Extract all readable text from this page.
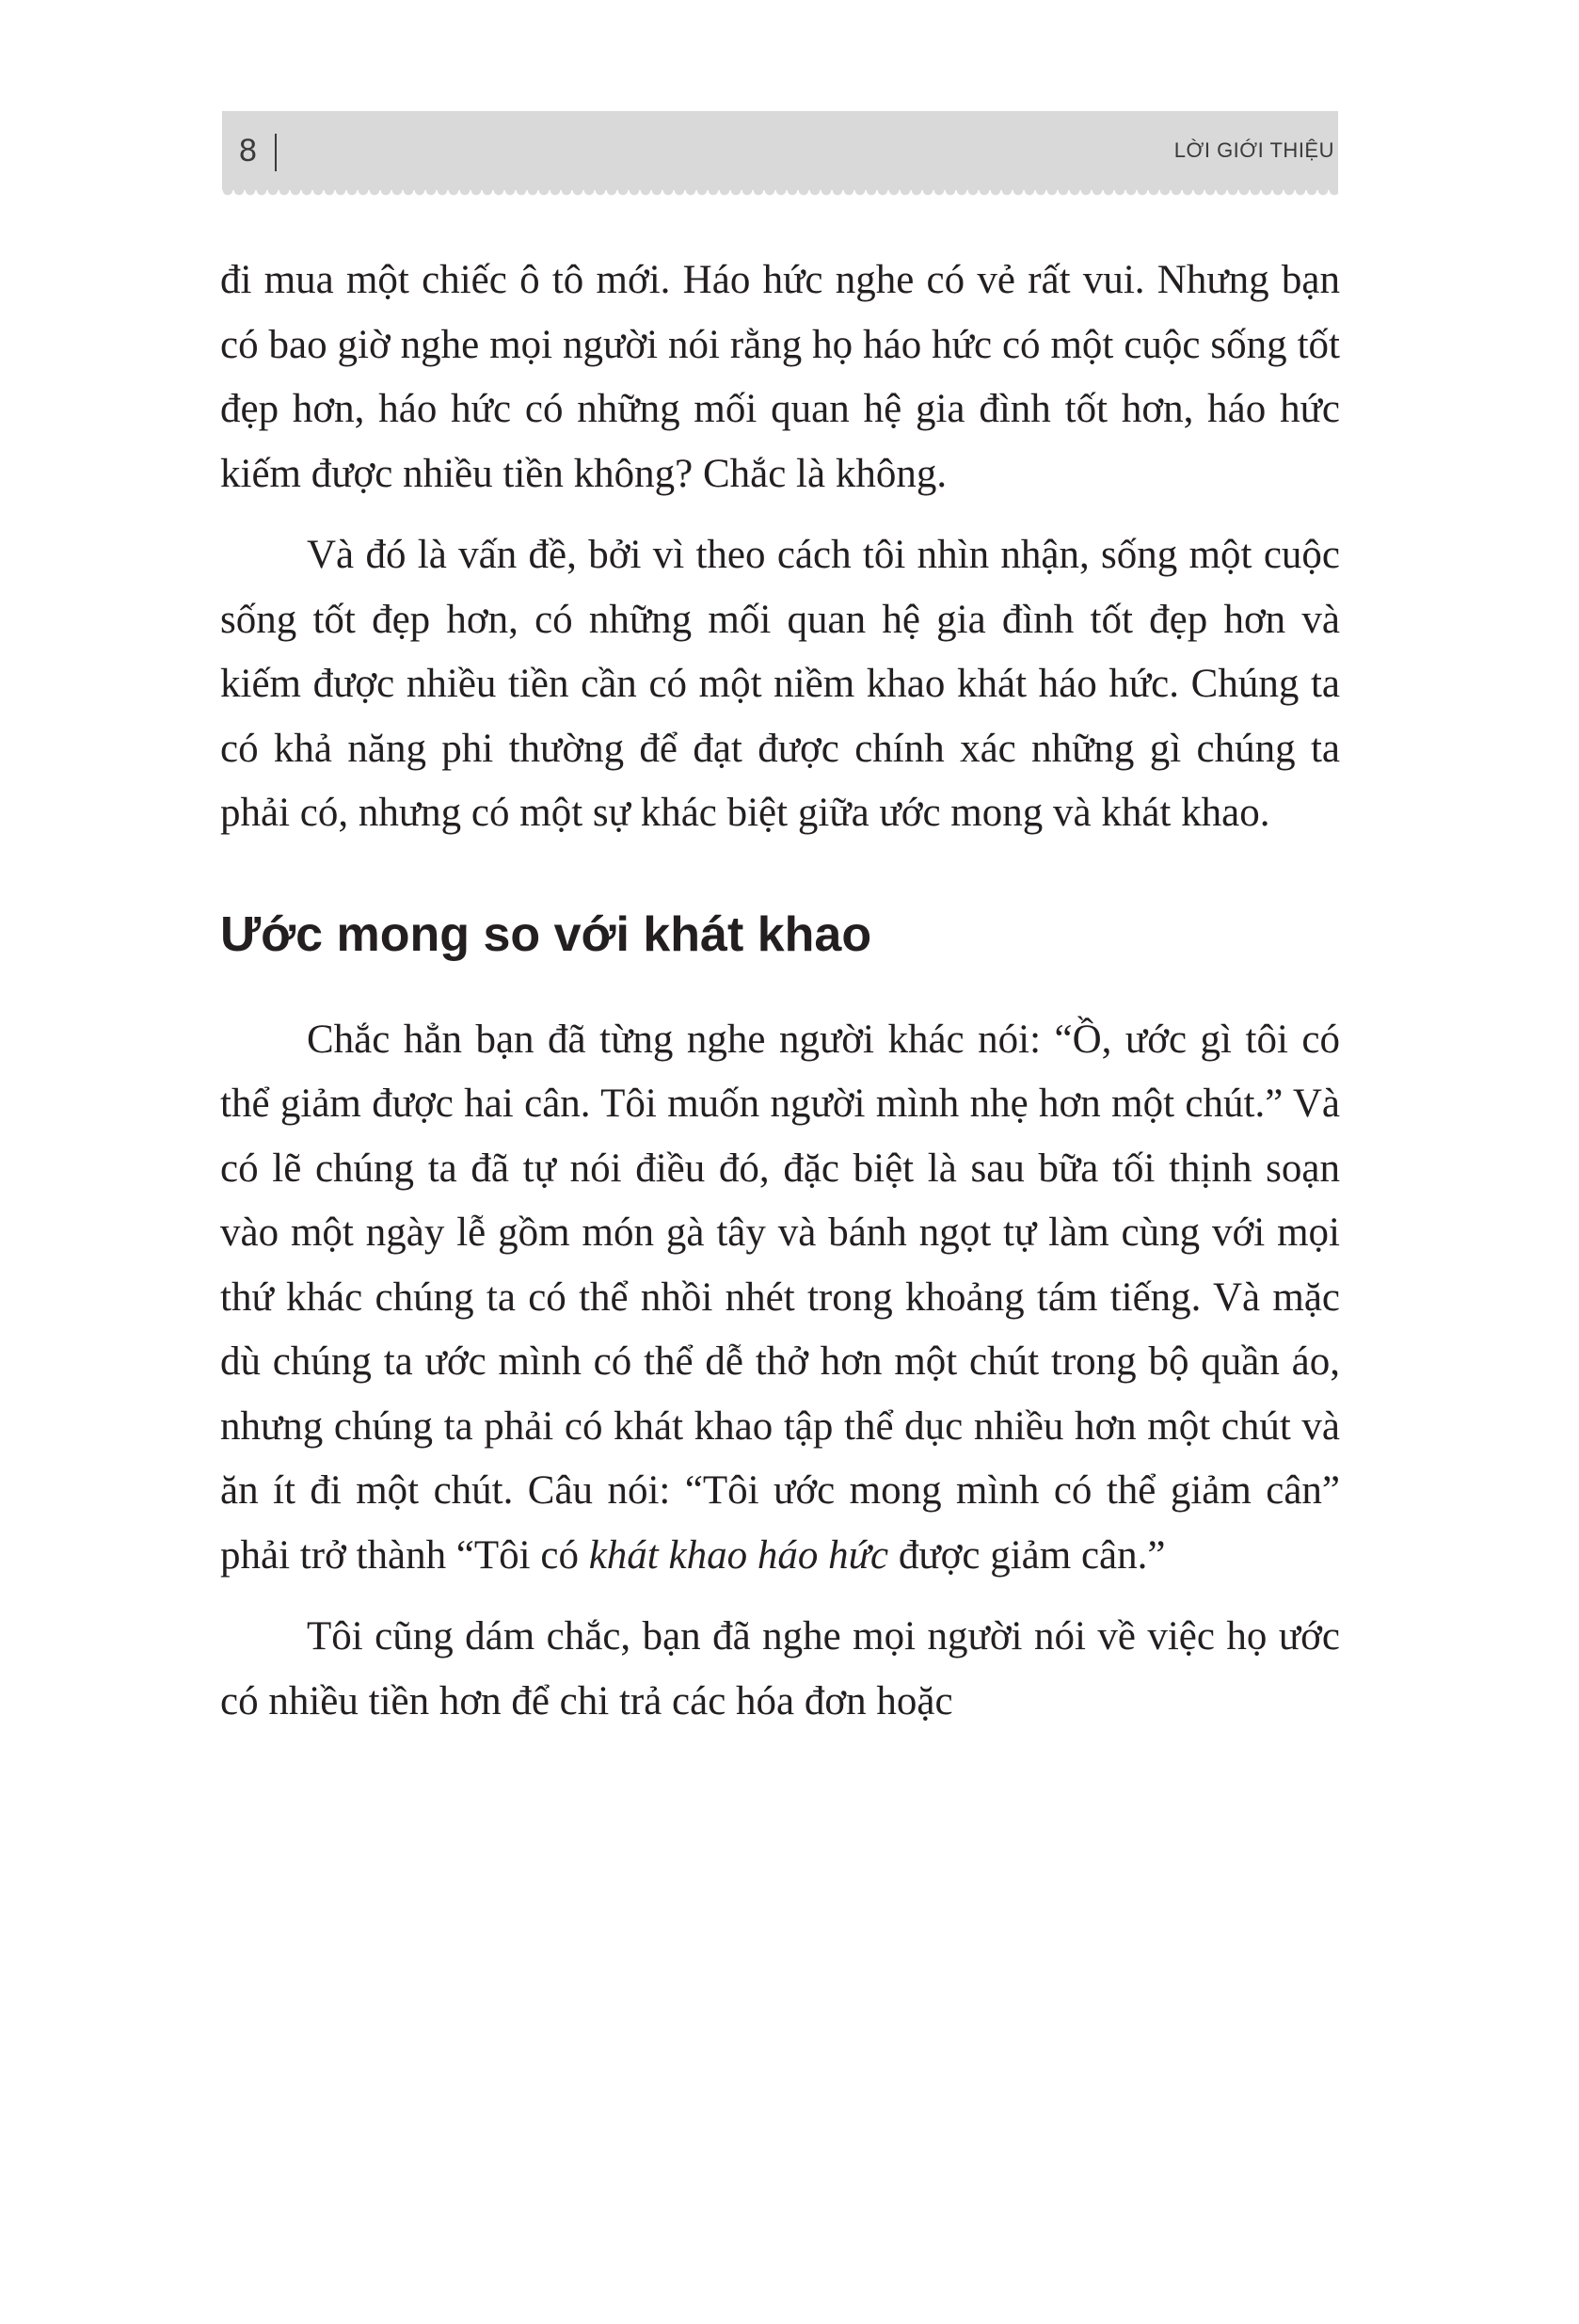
8	LỜI GIỚI THIỆU

đi mua một chiếc ô tô mới. Háo hức nghe có vẻ rất vui. Nhưng bạn có bao giờ nghe mọi người nói rằng họ háo hức có một cuộc sống tốt đẹp hơn, háo hức có những mối quan hệ gia đình tốt hơn, háo hức kiếm được nhiều tiền không? Chắc là không.

Và đó là vấn đề, bởi vì theo cách tôi nhìn nhận, sống một cuộc sống tốt đẹp hơn, có những mối quan hệ gia đình tốt đẹp hơn và kiếm được nhiều tiền cần có một niềm khao khát háo hức. Chúng ta có khả năng phi thường để đạt được chính xác những gì chúng ta phải có, nhưng có một sự khác biệt giữa ước mong và khát khao.

Ước mong so với khát khao

Chắc hẳn bạn đã từng nghe người khác nói: “Ồ, ước gì tôi có thể giảm được hai cân. Tôi muốn người mình nhẹ hơn một chút.” Và có lẽ chúng ta đã tự nói điều đó, đặc biệt là sau bữa tối thịnh soạn vào một ngày lễ gồm món gà tây và bánh ngọt tự làm cùng với mọi thứ khác chúng ta có thể nhồi nhét trong khoảng tám tiếng. Và mặc dù chúng ta ước mình có thể dễ thở hơn một chút trong bộ quần áo, nhưng chúng ta phải có khát khao tập thể dục nhiều hơn một chút và ăn ít đi một chút. Câu nói: “Tôi ước mong mình có thể giảm cân” phải trở thành “Tôi có khát khao háo hức được giảm cân.”

Tôi cũng dám chắc, bạn đã nghe mọi người nói về việc họ ước có nhiều tiền hơn để chi trả các hóa đơn hoặc
